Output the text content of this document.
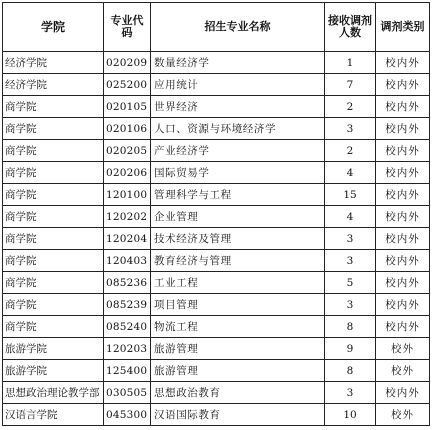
学院	专业代码	招生专业名称	接收调剂人数	调剂类别
经济学院	020209	数量经济学	1	校内外
经济学院	025200	应用统计	7	校内外
商学院	020105	世界经济	2	校内外
商学院	020106	人口、资源与环境经济学	3	校内外
商学院	020205	产业经济学	2	校内外
商学院	020206	国际贸易学	4	校内外
商学院	120100	管理科学与工程	15	校内外
商学院	120202	企业管理	4	校内外
商学院	120204	技术经济及管理	3	校内外
商学院	120403	教育经济与管理	3	校内外
商学院	085236	工业工程	5	校内外
商学院	085239	项目管理	3	校内外
商学院	085240	物流工程	8	校内外
旅游学院	120203	旅游管理	9	校外
旅游学院	125400	旅游管理	8	校外
思想政治理论教学部	030505	思想政治教育	3	校内外
汉语言学院	045300	汉语国际教育	10	校外
